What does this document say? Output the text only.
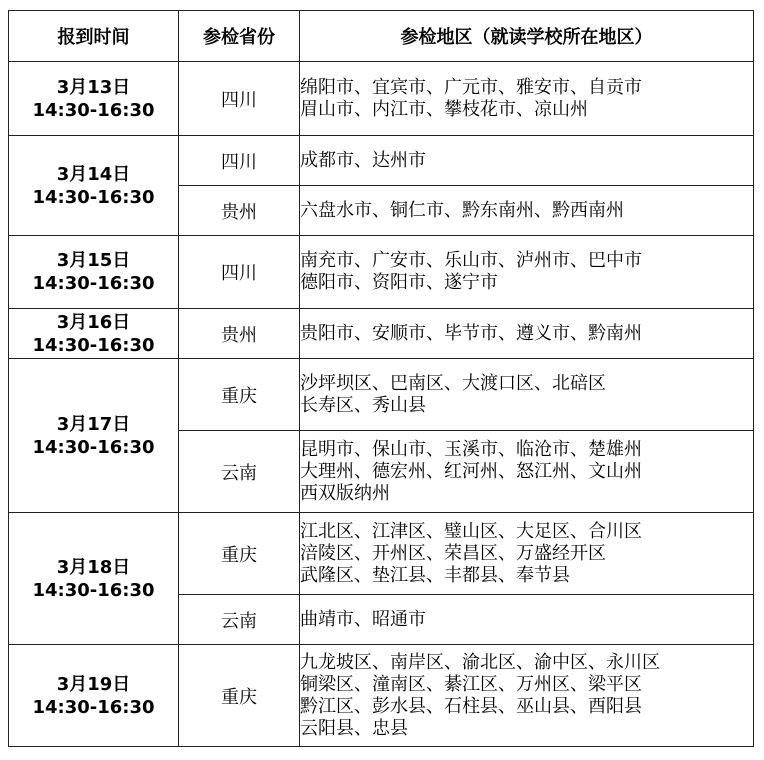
报到时间	参检省份	参检地区（就读学校所在地区）

3月13日
14:30-16:30	四川	绵阳市、宜宾市、广元市、雅安市、自贡市
眉山市、内江市、攀枝花市、凉山州

3月14日
14:30-16:30	四川	成都市、达州市

	贵州	六盘水市、铜仁市、黔东南州、黔西南州

3月15日
14:30-16:30	四川	南充市、广安市、乐山市、泸州市、巴中市
德阳市、资阳市、遂宁市

3月16日
14:30-16:30	贵州	贵阳市、安顺市、毕节市、遵义市、黔南州

3月17日
14:30-16:30	重庆	沙坪坝区、巴南区、大渡口区、北碚区
长寿区、秀山县

	云南	昆明市、保山市、玉溪市、临沧市、楚雄州
大理州、德宏州、红河州、怒江州、文山州
西双版纳州

3月18日
14:30-16:30	重庆	江北区、江津区、璧山区、大足区、合川区
涪陵区、开州区、荣昌区、万盛经开区
武隆区、垫江县、丰都县、奉节县

	云南	曲靖市、昭通市

3月19日
14:30-16:30	重庆	九龙坡区、南岸区、渝北区、渝中区、永川区
铜梁区、潼南区、綦江区、万州区、梁平区
黔江区、彭水县、石柱县、巫山县、酉阳县
云阳县、忠县
